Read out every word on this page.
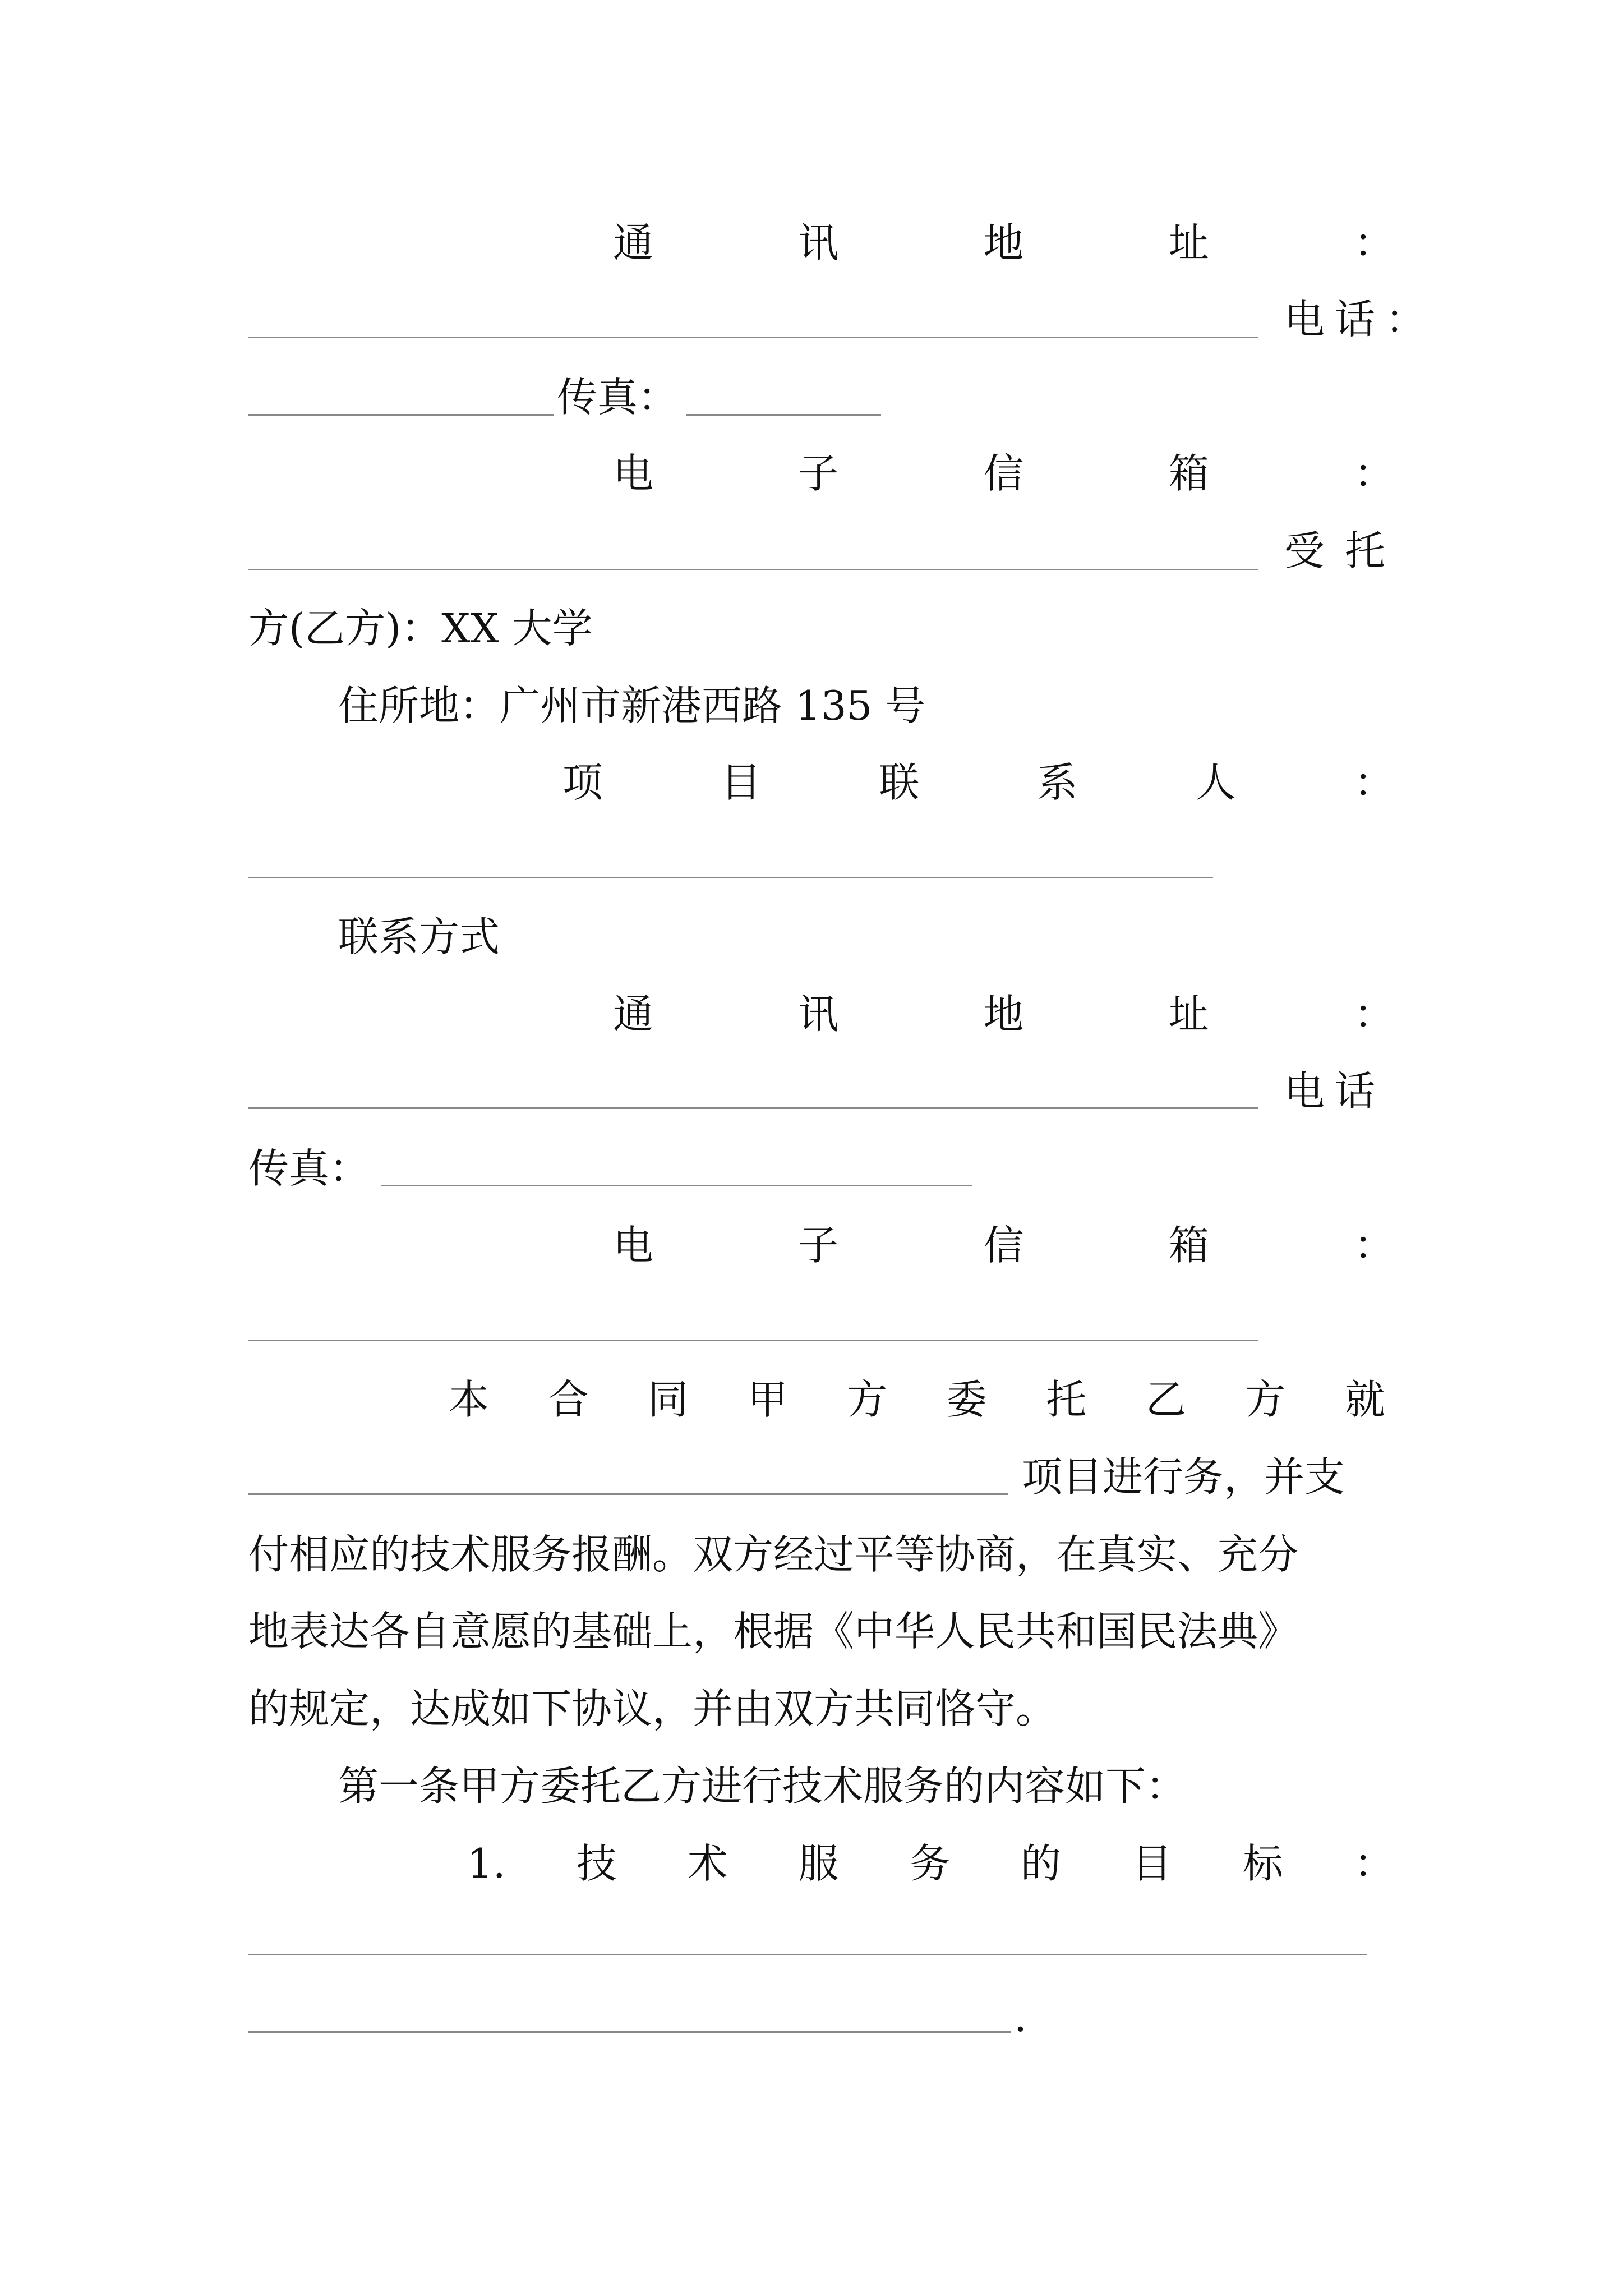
通	讯	地	址	：
电话：
传真：
电	子	信	箱	：
受 托
方(乙方)：XX 大学
住所地：广州市新港西路 135 号
项	目	联	系	人	：
联系方式
通	讯	地	址	：
电话
传真：
电	子	信	箱	：
本 合 同 甲 方 委 托 乙 方 就
项目进行务，并支
付相应的技术服务报酬。双方经过平等协商，在真实、充分
地表达各自意愿的基础上，根据《中华人民共和国民法典》
的规定，达成如下协议，并由双方共同恪守。
第一条甲方委托乙方进行技术服务的内容如下：
1. 技 术 服 务 的 目 标 ：
.
